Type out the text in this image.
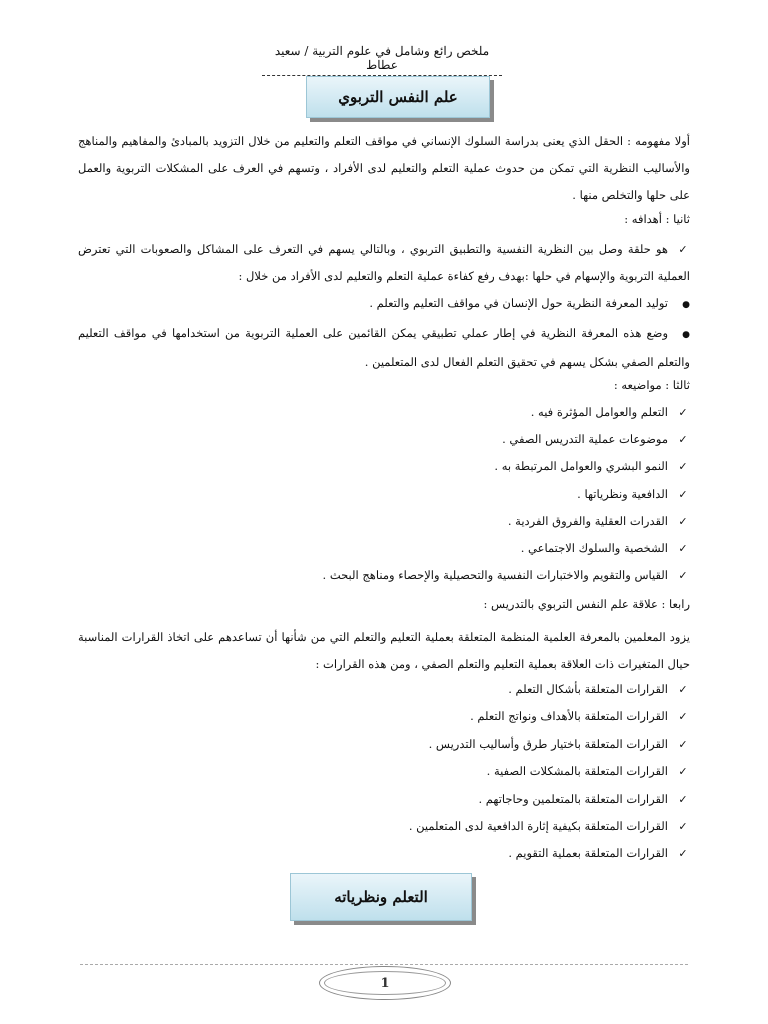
ملخص رائع وشامل في علوم التربية / سعيد عطاط
علم النفس التربوي
أولا مفهومه : الحقل الذي يعنى بدراسة السلوك الإنساني في مواقف التعلم والتعليم من خلال التزويد بالمبادئ والمفاهيم والمناهج والأساليب النظرية التي تمكن من حدوث عملية التعلم والتعليم لدى الأفراد ، وتسهم في العرف على المشكلات التربوية والعمل على حلها والتخلص منها .
ثانيا : أهدافه :
✓هو حلقة وصل بين النظرية النفسية والتطبيق التربوي ، وبالتالي يسهم في التعرف على المشاكل والصعوبات التي تعترض العملية التربوية والإسهام في حلها :بهدف رفع كفاءة عملية التعلم والتعليم لدى الأفراد من خلال :
●توليد المعرفة النظرية حول الإنسان في مواقف التعليم والتعلم .
●وضع هذه المعرفة النظرية في إطار عملي تطبيقي يمكن القائمين على العملية التربوية من استخدامها في مواقف التعليم والتعلم الصفي بشكل يسهم في تحقيق التعلم الفعال لدى المتعلمين .
ثالثا : مواضيعه :
✓التعلم والعوامل المؤثرة فيه .
✓موضوعات عملية التدريس الصفي .
✓النمو البشري والعوامل المرتبطة به .
✓الدافعية ونظرياتها .
✓القدرات العقلية والفروق الفردية .
✓الشخصية والسلوك الاجتماعي .
✓القياس والتقويم والاختبارات النفسية والتحصيلية والإحصاء ومناهج البحث .
رابعا : علاقة علم النفس التربوي بالتدريس :
يزود المعلمين بالمعرفة العلمية المنظمة المتعلقة بعملية التعليم والتعلم التي من شأنها أن تساعدهم على اتخاذ القرارات المناسبة حيال المتغيرات ذات العلاقة بعملية التعليم والتعلم الصفي ، ومن هذه القرارات :
✓القرارات المتعلقة بأشكال التعلم .
✓القرارات المتعلقة بالأهداف ونواتج التعلم .
✓القرارات المتعلقة باختيار طرق وأساليب التدريس .
✓القرارات المتعلقة بالمشكلات الصفية .
✓القرارات المتعلقة بالمتعلمين وحاجاتهم .
✓القرارات المتعلقة بكيفية إثارة الدافعية لدى المتعلمين .
✓القرارات المتعلقة بعملية التقويم .
التعلم ونظرياته
1
